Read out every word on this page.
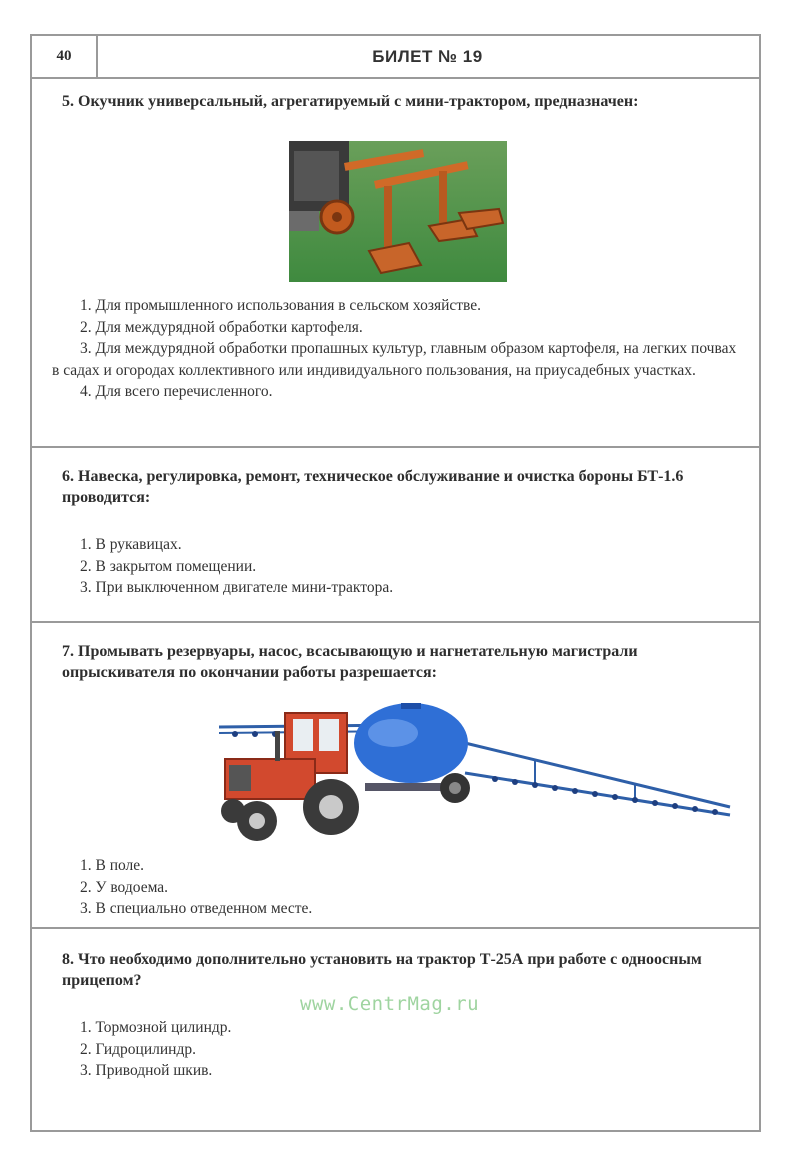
40	БИЛЕТ № 19
5. Окучник универсальный, агрегатируемый с мини-трактором, предназначен:

1. Для промышленного использования в сельском хозяйстве.

2. Для междурядной обработки картофеля.

3. Для междурядной обработки пропашных культур, главным образом картофеля, на легких почвах в садах и огородах коллективного или индивидуального пользования, на приусадебных участках.

4. Для всего перечисленного.

6. Навеска, регулировка, ремонт, техническое обслуживание и очистка бороны БТ-1.6 проводится:

1. В рукавицах.

2. В закрытом помещении.

3. При выключенном двигателе мини-трактора.

7. Промывать резервуары, насос, всасывающую и нагнетательную магистрали опрыскивателя по окончании работы разрешается:

1. В поле.

2. У водоема.

3. В специально отведенном месте.

8. Что необходимо дополнительно установить на трактор Т-25А при работе с одноосным прицепом?

1. Тормозной цилиндр.

2. Гидроцилиндр.

3. Приводной шкив.

www.CentrMag.ru
